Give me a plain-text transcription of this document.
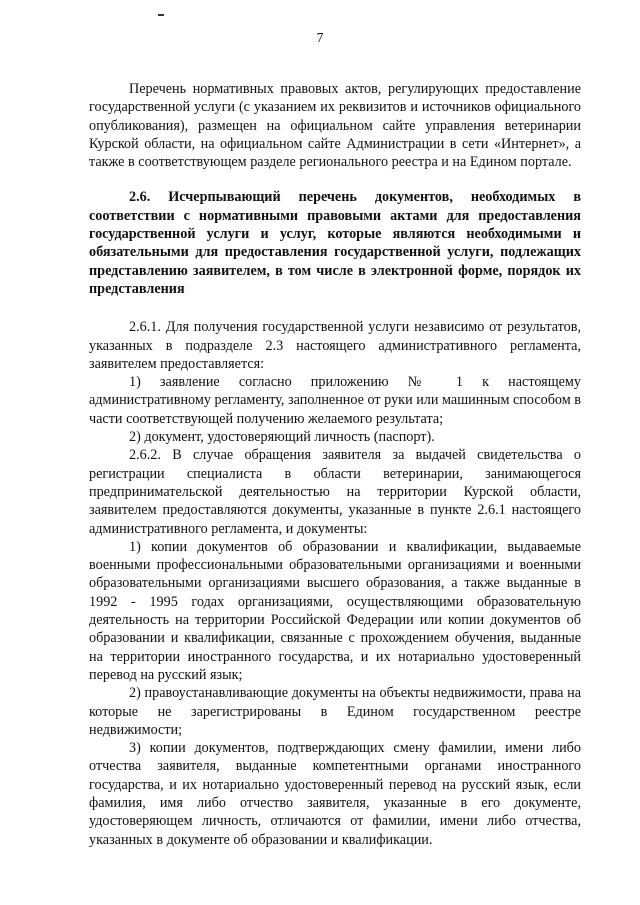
7

Перечень нормативных правовых актов, регулирующих предоставление государственной услуги (с указанием их реквизитов и источников официального опубликования), размещен на официальном сайте управления ветеринарии Курской области, на официальном сайте Администрации в сети «Интернет», а также в соответствующем разделе регионального реестра и на Едином портале.

2.6. Исчерпывающий перечень документов, необходимых в соответствии с нормативными правовыми актами для предоставления государственной услуги и услуг, которые являются необходимыми и обязательными для предоставления государственной услуги, подлежащих представлению заявителем, в том числе в электронной форме, порядок их представления

2.6.1. Для получения государственной услуги независимо от результатов, указанных в подразделе 2.3 настоящего административного регламента, заявителем предоставляется:

1) заявление согласно приложению № 1 к настоящему административному регламенту, заполненное от руки или машинным способом в части соответствующей получению желаемого результата;

2) документ, удостоверяющий личность (паспорт).

2.6.2. В случае обращения заявителя за выдачей свидетельства о регистрации специалиста в области ветеринарии, занимающегося предпринимательской деятельностью на территории Курской области, заявителем предоставляются документы, указанные в пункте 2.6.1 настоящего административного регламента, и документы:

1) копии документов об образовании и квалификации, выдаваемые военными профессиональными образовательными организациями и военными образовательными организациями высшего образования, а также выданные в 1992 - 1995 годах организациями, осуществляющими образовательную деятельность на территории Российской Федерации или копии документов об образовании и квалификации, связанные с прохождением обучения, выданные на территории иностранного государства, и их нотариально удостоверенный перевод на русский язык;

2) правоустанавливающие документы на объекты недвижимости, права на которые не зарегистрированы в Едином государственном реестре недвижимости;

3) копии документов, подтверждающих смену фамилии, имени либо отчества заявителя, выданные компетентными органами иностранного государства, и их нотариально удостоверенный перевод на русский язык, если фамилия, имя либо отчество заявителя, указанные в его документе, удостоверяющем личность, отличаются от фамилии, имени либо отчества, указанных в документе об образовании и квалификации.
